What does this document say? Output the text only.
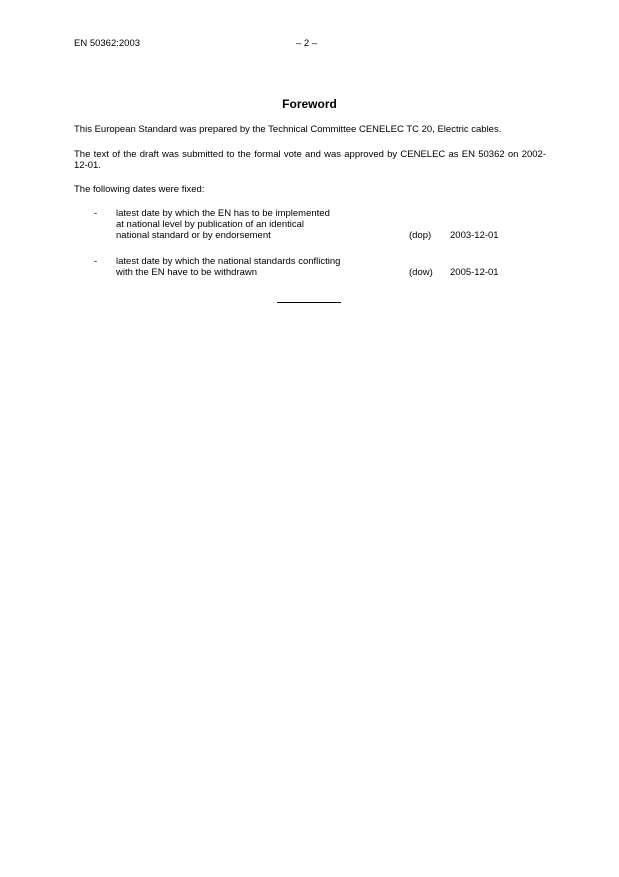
EN 50362:2003	– 2 –
Foreword
This European Standard was prepared by the Technical Committee CENELEC TC 20, Electric cables.
The text of the draft was submitted to the formal vote and was approved by CENELEC as EN 50362 on 2002-12-01.
The following dates were fixed:
- latest date by which the EN has to be implemented
at national level by publication of an identical
national standard or by endorsement	(dop) 2003-12-01
- latest date by which the national standards conflicting
with the EN have to be withdrawn	(dow) 2005-12-01
